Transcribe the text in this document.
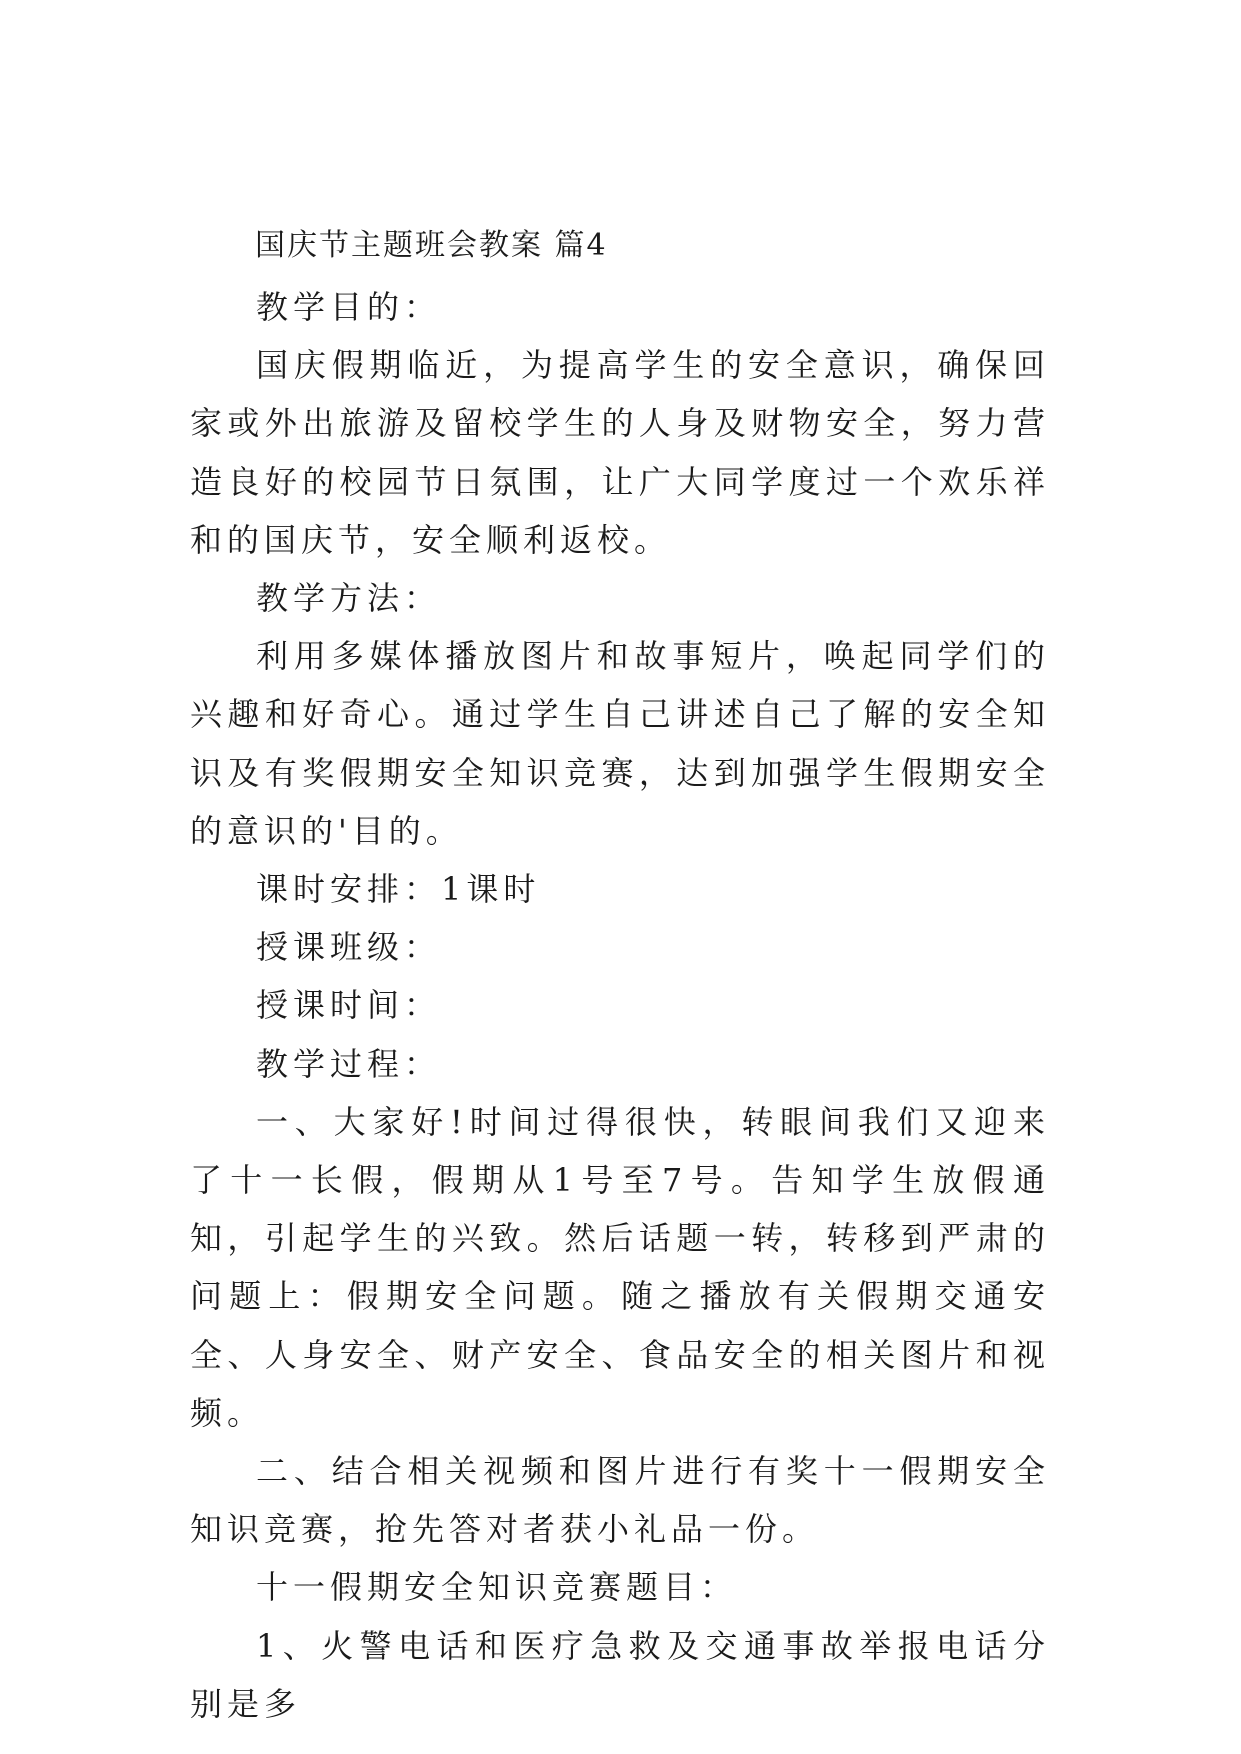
国庆节主题班会教案 篇4

教学目的：

国庆假期临近，为提高学生的安全意识，确保回家或外出旅游及留校学生的人身及财物安全，努力营造良好的校园节日氛围，让广大同学度过一个欢乐祥和的国庆节，安全顺利返校。

教学方法：

利用多媒体播放图片和故事短片，唤起同学们的兴趣和好奇心。通过学生自己讲述自己了解的安全知识及有奖假期安全知识竞赛，达到加强学生假期安全的意识的'目的。

课时安排：1课时

授课班级：

授课时间：

教学过程：

一、大家好!时间过得很快，转眼间我们又迎来了十一长假，假期从1号至7号。告知学生放假通知，引起学生的兴致。然后话题一转，转移到严肃的问题上：假期安全问题。随之播放有关假期交通安全、人身安全、财产安全、食品安全的相关图片和视频。

二、结合相关视频和图片进行有奖十一假期安全知识竞赛，抢先答对者获小礼品一份。

十一假期安全知识竞赛题目：

1、火警电话和医疗急救及交通事故举报电话分别是多
